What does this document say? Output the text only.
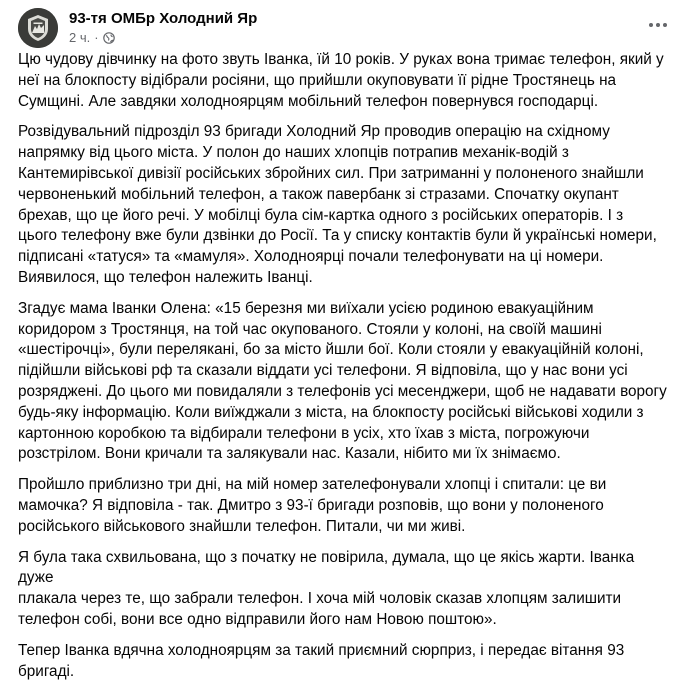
93-тя ОМБр Холодний Яр
2 ч. ·

Цю чудову дівчинку на фото звуть Іванка, їй 10 років. У руках вона тримає телефон, який у
неї на блокпосту відібрали росіяни, що прийшли окуповувати її рідне Тростянець на
Сумщині. Але завдяки холодноярцям мобільний телефон повернувся господарці.

Розвідувальний підрозділ 93 бригади Холодний Яр проводив операцію на східному
напрямку від цього міста. У полон до наших хлопців потрапив механік-водій з
Кантемирівської дивізії російських збройних сил. При затриманні у полоненого знайшли
червоненький мобільний телефон, а також павербанк зі стразами. Спочатку окупант
брехав, що це його речі. У мобілці була сім-картка одного з російських операторів. І з
цього телефону вже були дзвінки до Росії. Та у списку контактів були й українські номери,
підписані «татуся» та «мамуля». Холодноярці почали телефонувати на ці номери.
Виявилося, що телефон належить Іванці.

Згадує мама Іванки Олена: «15 березня ми виїхали усією родиною евакуаційним
коридором з Тростянця, на той час окупованого. Стояли у колоні, на своїй машині
«шестірочці», були перелякані, бо за місто йшли бої. Коли стояли у евакуаційній колоні,
підійшли військові рф та сказали віддати усі телефони. Я відповіла, що у нас вони усі
розряджені. До цього ми повидаляли з телефонів усі месенджери, щоб не надавати ворогу
будь-яку інформацію. Коли виїжджали з міста, на блокпосту російські військові ходили з
картонною коробкою та відбирали телефони в усіх, хто їхав з міста, погрожуючи
розстрілом. Вони кричали та залякували нас. Казали, нібито ми їх знімаємо.

Пройшло приблизно три дні, на мій номер зателефонували хлопці і спитали: це ви
мамочка? Я відповіла - так. Дмитро з 93-ї бригади розповів, що вони у полоненого
російського військового знайшли телефон. Питали, чи ми живі.

Я була така схвильована, що з початку не повірила, думала, що це якісь жарти. Іванка дуже
плакала через те, що забрали телефон. І хоча мій чоловік сказав хлопцям залишити
телефон собі, вони все одно відправили його нам Новою поштою».

Тепер Іванка вдячна холодноярцям за такий приємний сюрприз, і передає вітання 93
бригаді.
